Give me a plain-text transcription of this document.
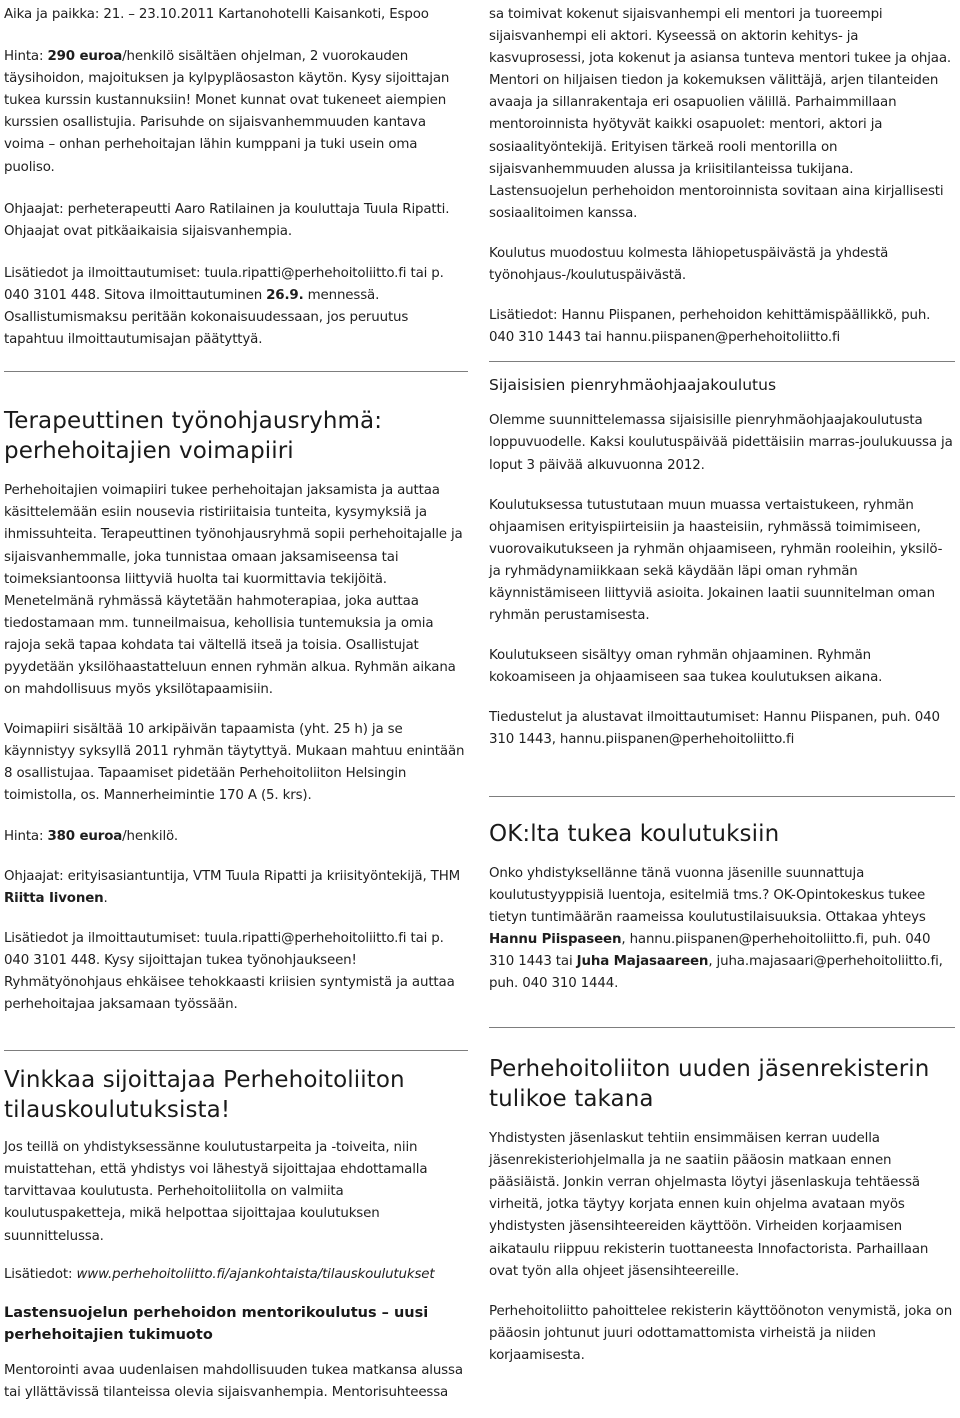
Aika ja paikka: 21. – 23.10.2011 Kartanohotelli Kaisankoti, Espoo

Hinta: 290 euroa/henkilö sisältäen ohjelman, 2 vuorokauden täysihoidon, majoituksen ja kylpypläosaston käytön. Kysy sijoittajan tukea kurssin kustannuksiin! Monet kunnat ovat tukeneet aiempien kurssien osallistujia. Parisuhde on sijaisvanhemmuuden kantava voima – onhan perhehoitajan lähin kumppani ja tuki usein oma puoliso.

Ohjaajat: perheterapeutti Aaro Ratilainen ja kouluttaja Tuula Ripatti. Ohjaajat ovat pitkäaikaisia sijaisvanhempia.

Lisätiedot ja ilmoittautumiset: tuula.ripatti@perhehoitoliitto.fi tai p. 040 3101 448. Sitova ilmoittautuminen 26.9. mennessä. Osallistumismaksu peritään kokonaisuudessaan, jos peruutus tapahtuu ilmoittautumisajan päätyttyä.

Terapeuttinen työnohjausryhmä: perhehoitajien voimapiiri

Perhehoitajien voimapiiri tukee perhehoitajan jaksamista ja auttaa käsittelemään esiin nousevia ristiriitaisia tunteita, kysymyksiä ja ihmissuhteita. Terapeuttinen työnohjausryhmä sopii perhehoitajalle ja sijaisvanhemmalle, joka tunnistaa omaan jaksamiseensa tai toimeksiantoonsa liittyviä huolta tai kuormittavia tekijöitä. Menetelmänä ryhmässä käytetään hahmoterapiaa, joka auttaa tiedostamaan mm. tunneilmaisua, kehollisia tuntemuksia ja omia rajoja sekä tapaa kohdata tai vältellä itseä ja toisia. Osallistujat pyydetään yksilöhaastatteluun ennen ryhmän alkua. Ryhmän aikana on mahdollisuus myös yksilötapaamisiin.

Voimapiiri sisältää 10 arkipäivän tapaamista (yht. 25 h) ja se käynnistyy syksyllä 2011 ryhmän täytyttyä. Mukaan mahtuu enintään 8 osallistujaa. Tapaamiset pidetään Perhehoitoliiton Helsingin toimistolla, os. Mannerheimintie 170 A (5. krs).

Hinta: 380 euroa/henkilö.

Ohjaajat: erityisasiantuntija, VTM Tuula Ripatti ja kriisityöntekijä, THM Riitta Iivonen.

Lisätiedot ja ilmoittautumiset: tuula.ripatti@perhehoitoliitto.fi tai p. 040 3101 448. Kysy sijoittajan tukea työnohjaukseen! Ryhmätyönohjaus ehkäisee tehokkaasti kriisien syntymistä ja auttaa perhehoitajaa jaksamaan työssään.

Vinkkaa sijoittajaa Perhehoitoliiton tilauskoulutuksista!

Jos teillä on yhdistyksessänne koulutustarpeita ja -toiveita, niin muistattehan, että yhdistys voi lähestyä sijoittajaa ehdottamalla tarvittavaa koulutusta. Perhehoitoliitolla on valmiita koulutuspaketteja, mikä helpottaa sijoittajaa koulutuksen suunnittelussa.

Lisätiedot: www.perhehoitoliitto.fi/ajankohtaista/tilauskoulutukset

Lastensuojelun perhehoidon mentorikoulutus – uusi perhehoitajien tukimuoto

Mentorointi avaa uudenlaisen mahdollisuuden tukea matkansa alussa tai yllättävissä tilanteissa olevia sijaisvanhempia. Mentorisuhteessa

sa toimivat kokenut sijaisvanhempi eli mentori ja tuoreempi sijaisvanhempi eli aktori. Kyseessä on aktorin kehitys- ja kasvuprosessi, jota kokenut ja asiansa tunteva mentori tukee ja ohjaa. Mentori on hiljaisen tiedon ja kokemuksen välittäjä, arjen tilanteiden avaaja ja sillanrakentaja eri osapuolien välillä. Parhaimmillaan mentoroinnista hyötyvät kaikki osapuolet: mentori, aktori ja sosiaalityöntekijä. Erityisen tärkeä rooli mentorilla on sijaisvanhemmuuden alussa ja kriisitilanteissa tukijana. Lastensuojelun perhehoidon mentoroinnista sovitaan aina kirjallisesti sosiaalitoimen kanssa.

Koulutus muodostuu kolmesta lähiopetuspäivästä ja yhdestä työnohjaus-/koulutuspäivästä.

Lisätiedot: Hannu Piispanen, perhehoidon kehittämispäällikkö, puh. 040 310 1443 tai hannu.piispanen@perhehoitoliitto.fi

Sijaisisien pienryhmäohjaajakoulutus

Olemme suunnittelemassa sijaisisille pienryhmäohjaajakoulutusta loppuvuodelle. Kaksi koulutuspäivää pidettäisiin marras-joulukuussa ja loput 3 päivää alkuvuonna 2012.

Koulutuksessa tutustutaan muun muassa vertaistukeen, ryhmän ohjaamisen erityispiirteisiin ja haasteisiin, ryhmässä toimimiseen, vuorovaikutukseen ja ryhmän ohjaamiseen, ryhmän rooleihin, yksilö- ja ryhmädynamiikkaan sekä käydään läpi oman ryhmän käynnistämiseen liittyviä asioita. Jokainen laatii suunnitelman oman ryhmän perustamisesta.

Koulutukseen sisältyy oman ryhmän ohjaaminen. Ryhmän kokoamiseen ja ohjaamiseen saa tukea koulutuksen aikana.

Tiedustelut ja alustavat ilmoittautumiset: Hannu Piispanen, puh. 040 310 1443, hannu.piispanen@perhehoitoliitto.fi

OK:lta tukea koulutuksiin

Onko yhdistyksellänne tänä vuonna jäsenille suunnattuja koulutustyyppisiä luentoja, esitelmiä tms.? OK-Opintokeskus tukee tietyn tuntimäärän raameissa koulutustilaisuuksia. Ottakaa yhteys Hannu Piispaseen, hannu.piispanen@perhehoitoliitto.fi, puh. 040 310 1443 tai Juha Majasaareen, juha.majasaari@perhehoitoliitto.fi, puh. 040 310 1444.

Perhehoitoliiton uuden jäsenrekisterin tulikoe takana

Yhdistysten jäsenlaskut tehtiin ensimmäisen kerran uudella jäsenrekisteriohjelmalla ja ne saatiin pääosin matkaan ennen pääsiäistä. Jonkin verran ohjelmasta löytyi jäsenlaskuja tehtäessä virheitä, jotka täytyy korjata ennen kuin ohjelma avataan myös yhdistysten jäsensihteereiden käyttöön. Virheiden korjaamisen aikataulu riippuu rekisterin tuottaneesta Innofactorista. Parhaillaan ovat työn alla ohjeet jäsensihteereille.

Perhehoitoliitto pahoittelee rekisterin käyttöönoton venymistä, joka on pääosin johtunut juuri odottamattomista virheistä ja niiden korjaamisesta.
